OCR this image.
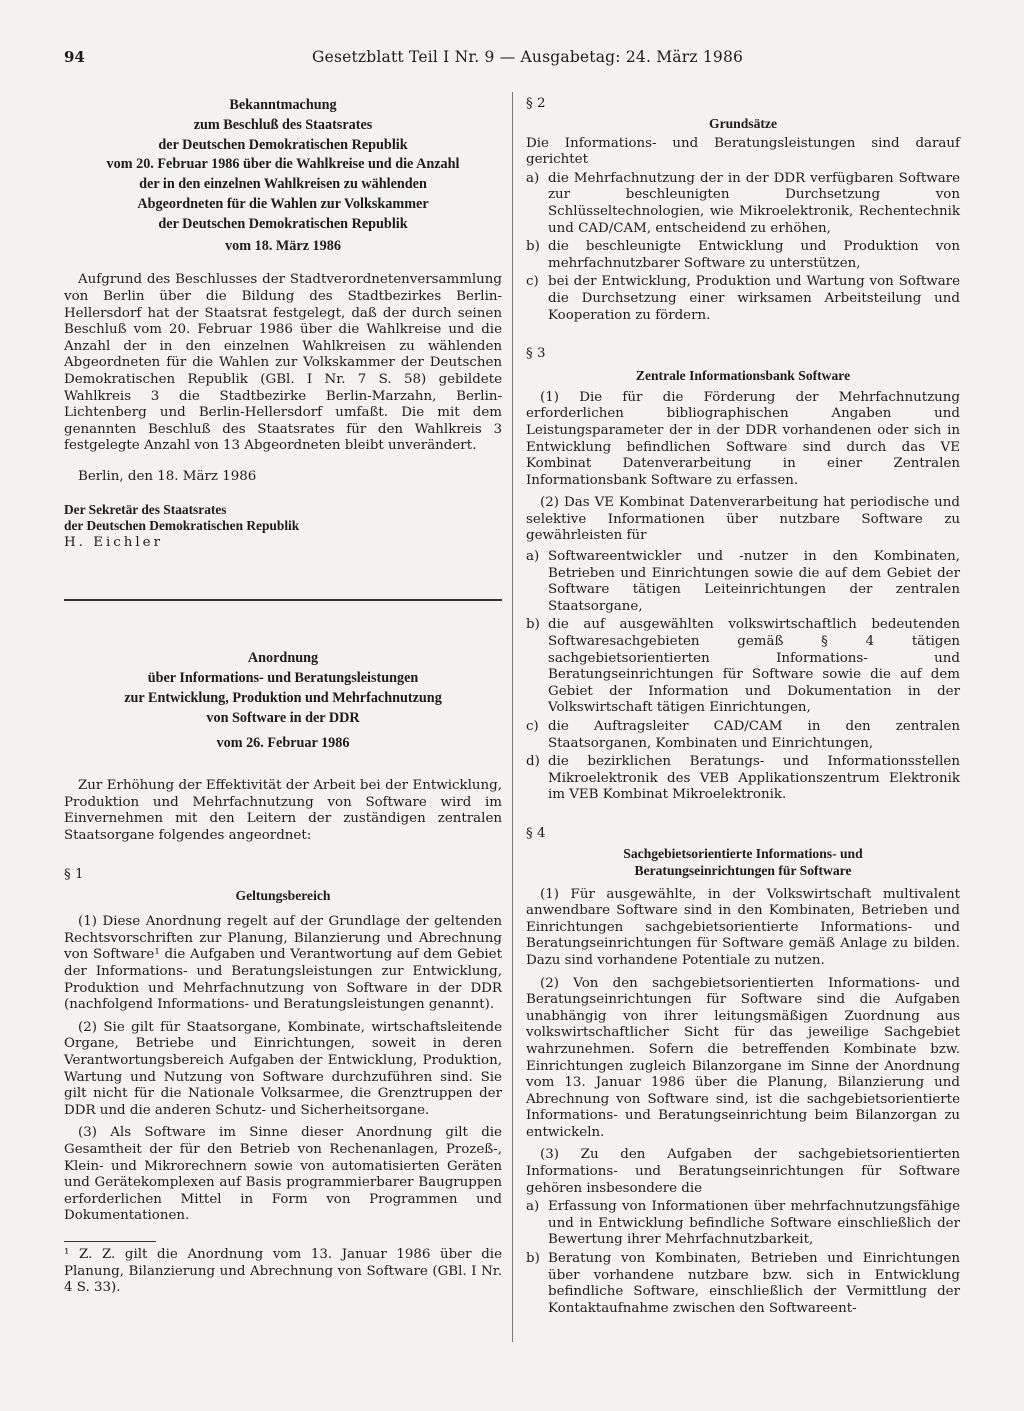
94	Gesetzblatt Teil I Nr. 9 — Ausgabetag: 24. März 1986
Bekanntmachung
zum Beschluß des Staatsrates
der Deutschen Demokratischen Republik
vom 20. Februar 1986 über die Wahlkreise und die Anzahl
der in den einzelnen Wahlkreisen zu wählenden
Abgeordneten für die Wahlen zur Volkskammer
der Deutschen Demokratischen Republik
vom 18. März 1986

Aufgrund des Beschlusses der Stadtverordnetenversammlung von Berlin über die Bildung des Stadtbezirkes Berlin-Hellersdorf hat der Staatsrat festgelegt, daß der durch seinen Beschluß vom 20. Februar 1986 über die Wahlkreise und die Anzahl der in den einzelnen Wahlkreisen zu wählenden Abgeordneten für die Wahlen zur Volkskammer der Deutschen Demokratischen Republik (GBl. I Nr. 7 S. 58) gebildete Wahlkreis 3 die Stadtbezirke Berlin-Marzahn, Berlin-Lichtenberg und Berlin-Hellersdorf umfaßt. Die mit dem genannten Beschluß des Staatsrates für den Wahlkreis 3 festgelegte Anzahl von 13 Abgeordneten bleibt unverändert.

Berlin, den 18. März 1986

Der Sekretär des Staatsrates

der Deutschen Demokratischen Republik

H. Eichler

Anordnung
über Informations- und Beratungsleistungen
zur Entwicklung, Produktion und Mehrfachnutzung
von Software in der DDR
vom 26. Februar 1986

Zur Erhöhung der Effektivität der Arbeit bei der Entwicklung, Produktion und Mehrfachnutzung von Software wird im Einvernehmen mit den Leitern der zuständigen zentralen Staatsorgane folgendes angeordnet:

§ 1

Geltungsbereich

(1) Diese Anordnung regelt auf der Grundlage der geltenden Rechtsvorschriften zur Planung, Bilanzierung und Abrechnung von Software¹ die Aufgaben und Verantwortung auf dem Gebiet der Informations- und Beratungsleistungen zur Entwicklung, Produktion und Mehrfachnutzung von Software in der DDR (nachfolgend Informations- und Beratungsleistungen genannt).

(2) Sie gilt für Staatsorgane, Kombinate, wirtschaftsleitende Organe, Betriebe und Einrichtungen, soweit in deren Verantwortungsbereich Aufgaben der Entwicklung, Produktion, Wartung und Nutzung von Software durchzuführen sind. Sie gilt nicht für die Nationale Volksarmee, die Grenztruppen der DDR und die anderen Schutz- und Sicherheitsorgane.

(3) Als Software im Sinne dieser Anordnung gilt die Gesamtheit der für den Betrieb von Rechenanlagen, Prozeß-, Klein- und Mikrorechnern sowie von automatisierten Geräten und Gerätekomplexen auf Basis programmierbarer Baugruppen erforderlichen Mittel in Form von Programmen und Dokumentationen.

¹ Z. Z. gilt die Anordnung vom 13. Januar 1986 über die Planung, Bilanzierung und Abrechnung von Software (GBl. I Nr. 4 S. 33).

§ 2

Grundsätze

Die Informations- und Beratungsleistungen sind darauf gerichtet

a) die Mehrfachnutzung der in der DDR verfügbaren Software zur beschleunigten Durchsetzung von Schlüsseltechnologien, wie Mikroelektronik, Rechentechnik und CAD/CAM, entscheidend zu erhöhen,
b) die beschleunigte Entwicklung und Produktion von mehrfachnutzbarer Software zu unterstützen,
c) bei der Entwicklung, Produktion und Wartung von Software die Durchsetzung einer wirksamen Arbeitsteilung und Kooperation zu fördern.

§ 3

Zentrale Informationsbank Software

(1) Die für die Förderung der Mehrfachnutzung erforderlichen bibliographischen Angaben und Leistungsparameter der in der DDR vorhandenen oder sich in Entwicklung befindlichen Software sind durch das VE Kombinat Datenverarbeitung in einer Zentralen Informationsbank Software zu erfassen.

(2) Das VE Kombinat Datenverarbeitung hat periodische und selektive Informationen über nutzbare Software zu gewährleisten für

a) Softwareentwickler und -nutzer in den Kombinaten, Betrieben und Einrichtungen sowie die auf dem Gebiet der Software tätigen Leiteinrichtungen der zentralen Staatsorgane,
b) die auf ausgewählten volkswirtschaftlich bedeutenden Softwaresachgebieten gemäß § 4 tätigen sachgebietsorientierten Informations- und Beratungseinrichtungen für Software sowie die auf dem Gebiet der Information und Dokumentation in der Volkswirtschaft tätigen Einrichtungen,
c) die Auftragsleiter CAD/CAM in den zentralen Staatsorganen, Kombinaten und Einrichtungen,
d) die bezirklichen Beratungs- und Informationsstellen Mikroelektronik des VEB Applikationszentrum Elektronik im VEB Kombinat Mikroelektronik.

§ 4

Sachgebietsorientierte Informations- und
Beratungseinrichtungen für Software

(1) Für ausgewählte, in der Volkswirtschaft multivalent anwendbare Software sind in den Kombinaten, Betrieben und Einrichtungen sachgebietsorientierte Informations- und Beratungseinrichtungen für Software gemäß Anlage zu bilden. Dazu sind vorhandene Potentiale zu nutzen.

(2) Von den sachgebietsorientierten Informations- und Beratungseinrichtungen für Software sind die Aufgaben unabhängig von ihrer leitungsmäßigen Zuordnung aus volkswirtschaftlicher Sicht für das jeweilige Sachgebiet wahrzunehmen. Sofern die betreffenden Kombinate bzw. Einrichtungen zugleich Bilanzorgane im Sinne der Anordnung vom 13. Januar 1986 über die Planung, Bilanzierung und Abrechnung von Software sind, ist die sachgebietsorientierte Informations- und Beratungseinrichtung beim Bilanzorgan zu entwickeln.

(3) Zu den Aufgaben der sachgebietsorientierten Informations- und Beratungseinrichtungen für Software gehören insbesondere die

a) Erfassung von Informationen über mehrfachnutzungsfähige und in Entwicklung befindliche Software einschließlich der Bewertung ihrer Mehrfachnutzbarkeit,
b) Beratung von Kombinaten, Betrieben und Einrichtungen über vorhandene nutzbare bzw. sich in Entwicklung befindliche Software, einschließlich der Vermittlung der Kontaktaufnahme zwischen den Softwareent-
